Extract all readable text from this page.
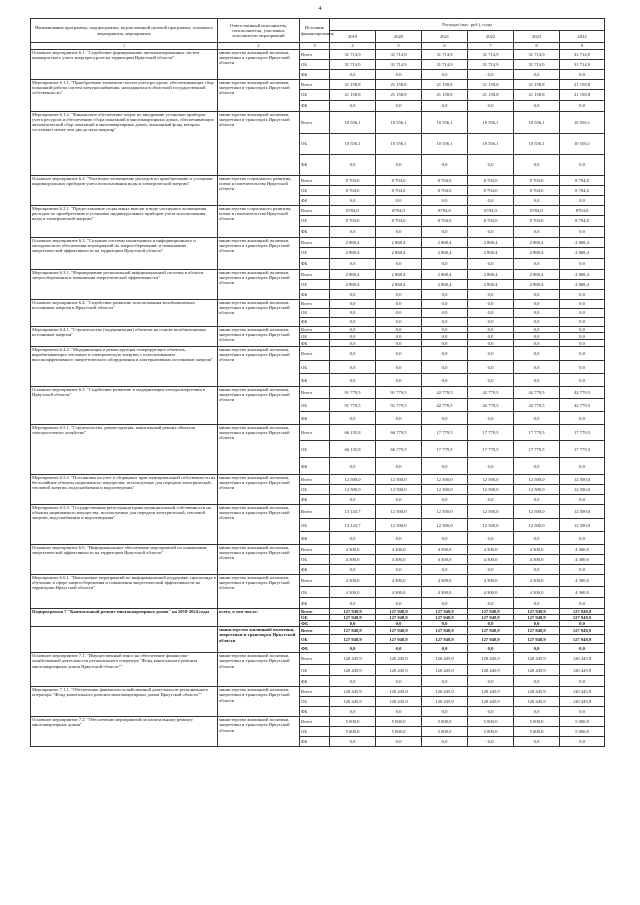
4
Наименование программы, подпрограммы, ведомственной целевой программы, основного мероприятия, мероприятия	Ответственный исполнитель, соисполнители, участники, исполнители мероприятий	Источник финансирования	Расходы (тыс. руб.), годы					
			2019	2020	2021	2022	2023	2024
1	2	3	4	5	6	7	8	9
Основное мероприятие 6.1. "Содействие формированию автоматизированных систем коммерческого учета энергоресурсов на территории Иркутской области"	министерство жилищной политики, энергетики и транспорта Иркутской области	Всего	31 714,9	31 714,9	31 714,9	31 714,9	31 714,9	31 714,9
		ОБ	31 714,9	31 714,9	31 714,9	31 714,9	31 714,9	31 714,9
		ФБ	0,0	0,0	0,0	0,0	0,0	0,0
Мероприятие 6.1.1. "Приобретение элементов систем учета ресурсов, обеспечивающих сбор показаний работы систем электроснабжения, находящихся в областной государственной собственности"	министерство жилищной политики, энергетики и транспорта Иркутской области	Всего	21 158,8	21 158,8	21 158,8	21 158,8	21 158,8	21 158,8
		ОБ	21 158,8	21 158,8	21 158,8	21 158,8	21 158,8	21 158,8
		ФБ	0,0	0,0	0,0	0,0	0,0	0,0
Мероприятие 6.1.2. "Финансовое обеспечение затрат по внедрению установки приборов учета ресурсов и обеспечению сбора показаний в многоквартирных домах, обеспечивающих автоматический сбор показаний в многоквартирных домах, жилищный фонд которых составляет менее чем два десятка квартир"	министерство жилищной политики, энергетики и транспорта Иркутской области	Всего	10 556,1	10 556,1	10 556,1	10 556,1	10 556,1	10 556,1
		ОБ	10 556,1	10 556,1	10 556,1	10 556,1	10 556,1	10 556,1
		ФБ	0,0	0,0	0,0	0,0	0,0	0,0
Основное мероприятие 6.2. "Частичное возмещение расходов по приобретению и установке индивидуальных приборов учета использования воды и электрической энергии"	министерство социального развития, опеки и попечительства Иркутской области	Всего	8 704,0	8 704,0	8 704,0	8 704,0	8 704,0	8 704,0
		ОБ	8 704,0	8 704,0	8 704,0	8 704,0	8 704,0	8 704,0
		ФБ	0,0	0,0	0,0	0,0	0,0	0,0
Мероприятие 6.2.1. "Предоставление социальных выплат в виде частичного возмещения расходов по приобретению и установке индивидуальных приборов учета использования воды и электрической энергии"	министерство социального развития, опеки и попечительства Иркутской области	Всего	8704,0	8704,0	8704,0	8704,0	8704,0	8704,0
		ОБ	8 704,0	8 704,0	8 704,0	8 704,0	8 704,0	8 704,0
		ФБ	0,0	0,0	0,0	0,0	0,0	0,0
Основное мероприятие 6.3. "Создание системы мониторинга и информационного и методического обеспечения мероприятий по энергосбережению и повышению энергетической эффективности на территории Иркутской области"	министерство жилищной политики, энергетики и транспорта Иркутской области	Всего	2 868,4	2 868,4	2 868,4	2 868,4	2 868,4	2 868,4
		ОБ	2 868,4	2 868,4	2 868,4	2 868,4	2 868,4	2 868,4
		ФБ	0,0	0,0	0,0	0,0	0,0	0,0
Мероприятие 6.3.1. "Формирование региональной информационной системы в области энергосбережения и повышения энергетической эффективности"	министерство жилищной политики, энергетики и транспорта Иркутской области	Всего	2 868,4	2 868,4	2 868,4	2 868,4	2 868,4	2 868,4
		ОБ	2 868,4	2 868,4	2 868,4	2 868,4	2 868,4	2 868,4
		ФБ	0,0	0,0	0,0	0,0	0,0	0,0
Основное мероприятие 6.4. "Содействие развитию использования возобновляемых источников энергии в Иркутской области"	министерство жилищной политики, энергетики и транспорта Иркутской области	Всего	0,0	0,0	0,0	0,0	0,0	0,0
		ОБ	0,0	0,0	0,0	0,0	0,0	0,0
		ФБ	0,0	0,0	0,0	0,0	0,0	0,0
Мероприятие 6.4.1. "Строительство (модернизация) объектов на основе возобновляемых источников энергии"	министерство жилищной политики, энергетики и транспорта Иркутской области	Всего	0,0	0,0	0,0	0,0	0,0	0,0
		ОБ	0,0	0,0	0,0	0,0	0,0	0,0
		ФБ	0,0	0,0	0,0	0,0	0,0	0,0
Мероприятие 6.4.2. "Модернизация и реконструкция генерирующих объектов, вырабатывающих тепловую и электрическую энергию с использованием высокоэффективного энергетического оборудования и альтернативных источников энергии"	министерство жилищной политики, энергетики и транспорта Иркутской области	Всего	0,0	0,0	0,0	0,0	0,0	0,0
		ОБ	0,0	0,0	0,0	0,0	0,0	0,0
		ФБ	0,0	0,0	0,0	0,0	0,0	0,0
Основное мероприятие 6.5. "Содействие развитию и модернизации электроэнергетики в Иркутской области"	министерство жилищной политики, энергетики и транспорта Иркутской области	Всего	91 779,5	91 779,5	42 779,5	42 779,5	42 779,5	42 779,5
		ОБ	91 779,5	91 779,5	42 779,5	42 779,5	42 779,5	42 779,5
		ФБ	0,0	0,0	0,0	0,0	0,0	0,0
Мероприятие 6.5.1. "Строительство, реконструкция, капитальный ремонт объектов электросетевого хозяйства"	министерство жилищной политики, энергетики и транспорта Иркутской области	Всего	66 135,8	66 779,5	17 779,5	17 779,5	17 779,5	17 779,5
		ОБ	66 135,8	66 779,5	17 779,5	17 779,5	17 779,5	17 779,5
		ФБ	0,0	0,0	0,0	0,0	0,0	0,0
Мероприятие 6.5.2. "Постановка на учет в сборщиках прав муниципальной собственности на бесхозяйные объекты недвижимого имущества, используемые для передачи электрической, тепловой энергии, водоснабжения и водоотведения"	министерство жилищной политики, энергетики и транспорта Иркутской области	Всего	12 500,0	12 500,0	12 500,0	12 500,0	12 500,0	12 500,0
		ОБ	12 500,0	12 500,0	12 500,0	12 500,0	12 500,0	12 500,0
		ФБ	0,0	0,0	0,0	0,0	0,0	0,0
Мероприятие 6.5.3. "Государственная регистрация права муниципальной собственности на объекты недвижимого имущества, используемые для передачи электрической, тепловой энергии, водоснабжения и водоотведения"	министерство жилищной политики, энергетики и транспорта Иркутской области	Всего	13 143,7	12 500,0	12 500,0	12 500,0	12 500,0	12 500,0
		ОБ	13 143,7	12 500,0	12 500,0	12 500,0	12 500,0	12 500,0
		ФБ	0,0	0,0	0,0	0,0	0,0	0,0
Основное мероприятие 6.6. "Информационное обеспечение мероприятий по повышению энергетической эффективности на территории Иркутской области"	министерство жилищной политики, энергетики и транспорта Иркутской области	Всего	4 300,0	4 300,0	4 300,0	4 300,0	4 300,0	4 300,0
		ОБ	4 300,0	4 300,0	4 300,0	4 300,0	4 300,0	4 300,0
		ФБ	0,0	0,0	0,0	0,0	0,0	0,0
Мероприятие 6.6.1. "Выполнение мероприятий по информационной поддержке, пропаганде в обучению в сфере энергосбережения и повышения энергетической эффективности на территории Иркутской области"	министерство жилищной политики, энергетики и транспорта Иркутской области	Всего	4 300,0	4 300,0	4 300,0	4 300,0	4 300,0	4 300,0
		ОБ	4 300,0	4 300,0	4 300,0	4 300,0	4 300,0	4 300,0
		ФБ	0,0	0,0	0,0	0,0	0,0	0,0
Подпрограмма 7 "Капитальный ремонт многоквартирных домов" на 2019-2024 годы	всего, в том числе:	Всего	127 948,9	127 948,9	127 948,9	127 948,9	127 948,9	127 948,9
		ОБ	127 948,9	127 948,9	127 948,9	127 948,9	127 948,9	127 948,9
		ФБ	0,0	0,0	0,0	0,0	0,0	0,0
	министерство жилищной политики, энергетики и транспорта Иркутской области	Всего	127 948,9	127 948,9	127 948,9	127 948,9	127 948,9	127 948,9
		ОБ	127 948,9	127 948,9	127 948,9	127 948,9	127 948,9	127 948,9
		ФБ	0,0	0,0	0,0	0,0	0,0	0,0
Основное мероприятие 7.1. "Имущественный взнос на обеспечение финансово-хозяйственной деятельности регионального оператора "Фонд капитального ремонта многоквартирных домов Иркутской области""	министерство жилищной политики, энергетики и транспорта Иркутской области	Всего	120 445,9	120 445,9	120 445,9	120 445,9	120 445,9	120 445,9
		ОБ	120 445,9	120 445,9	120 445,9	120 445,9	120 445,9	120 445,9
		ФБ	0,0	0,0	0,0	0,0	0,0	0,0
Мероприятие 7.1.1. "Обеспечение финансово-хозяйственной деятельности регионального оператора "Фонд капитального ремонта многоквартирных домов Иркутской области""	министерство жилищной политики, энергетики и транспорта Иркутской области	Всего	120 445,9	120 445,9	120 445,9	120 445,9	120 445,9	120 445,9
		ОБ	120 445,9	120 445,9	120 445,9	120 445,9	120 445,9	120 445,9
		ФБ	0,0	0,0	0,0	0,0	0,0	0,0
Основное мероприятие 7.2. "Обеспечение мероприятий по капитальному ремонту многоквартирных домов"	министерство жилищной политики, энергетики и транспорта Иркутской области	Всего	5 000,0	5 000,0	5 000,0	5 000,0	5 000,0	5 000,0
		ОБ	5 000,0	5 000,0	5 000,0	5 000,0	5 000,0	5 000,0
		ФБ	0,0	0,0	0,0	0,0	0,0	0,0
